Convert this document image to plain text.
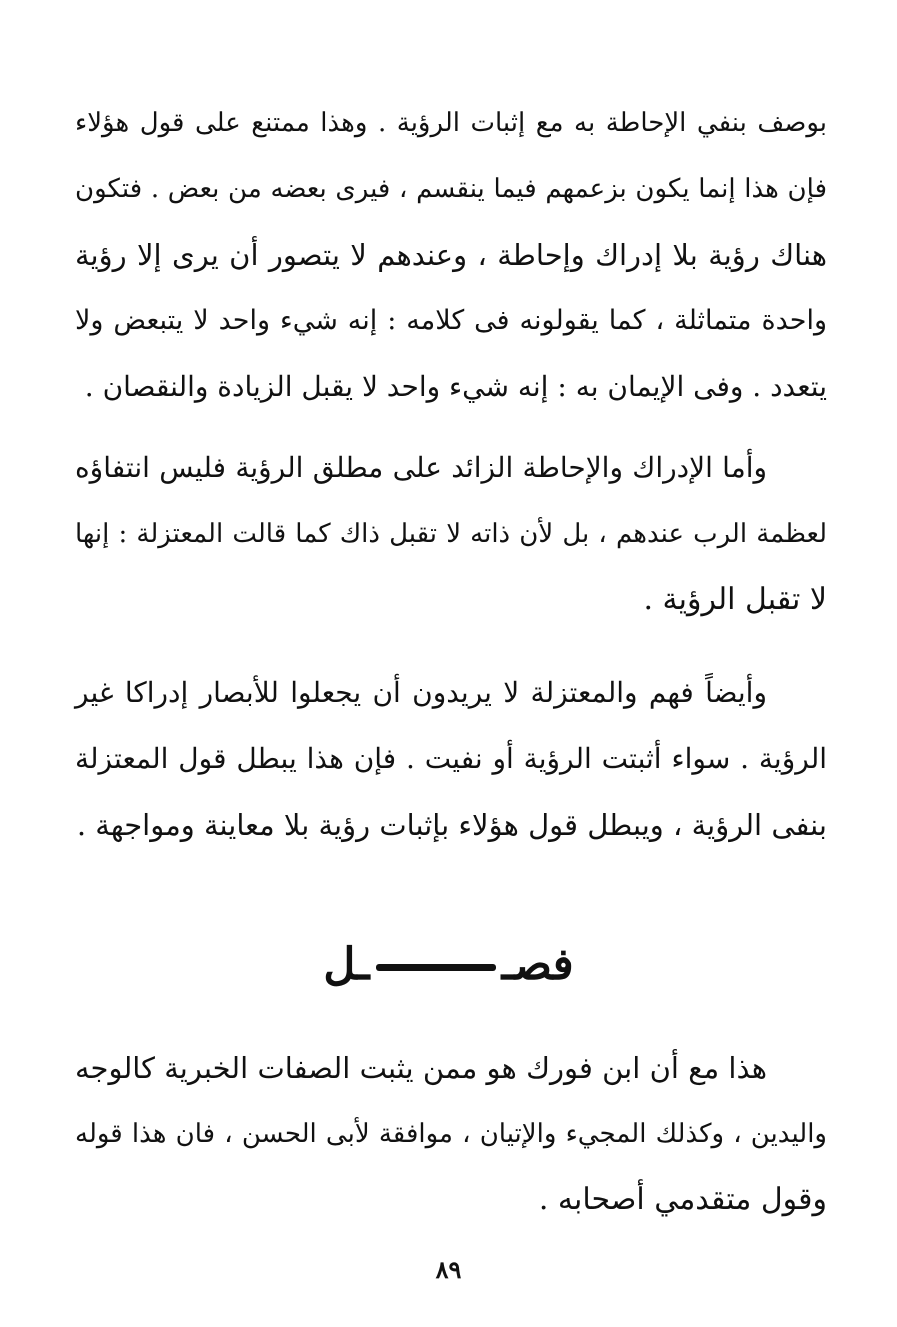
بوصف بنفي الإحاطة به مع إثبات الرؤية . وهذا ممتنع على قول هؤلاء
فإن هذا إنما يكون بزعمهم فيما ينقسم ، فيرى بعضه من بعض . فتكون
هناك رؤية بلا إدراك وإحاطة ، وعندهم لا يتصور أن يرى إلا رؤية
واحدة متماثلة ، كما يقولونه فى كلامه : إنه شيء واحد لا يتبعض ولا
يتعدد . وفى الإيمان به : إنه شيء واحد لا يقبل الزيادة والنقصان .
وأما الإدراك والإحاطة الزائد على مطلق الرؤية فليس انتفاؤه
لعظمة الرب عندهم ، بل لأن ذاته لا تقبل ذاك كما قالت المعتزلة : إنها
لا تقبل الرؤية .
وأيضاً فهم والمعتزلة لا يريدون أن يجعلوا للأبصار إدراكا غير
الرؤية . سواء أثبتت الرؤية أو نفيت . فإن هذا يبطل قول المعتزلة
بنفى الرؤية ، ويبطل قول هؤلاء بإثبات رؤية بلا معاينة ومواجهة .
فصــل
هذا مع أن ابن فورك هو ممن يثبت الصفات الخبرية كالوجه
واليدين ، وكذلك المجيء والإتيان ، موافقة لأبى الحسن ، فان هذا قوله
وقول متقدمي أصحابه .
٨٩
